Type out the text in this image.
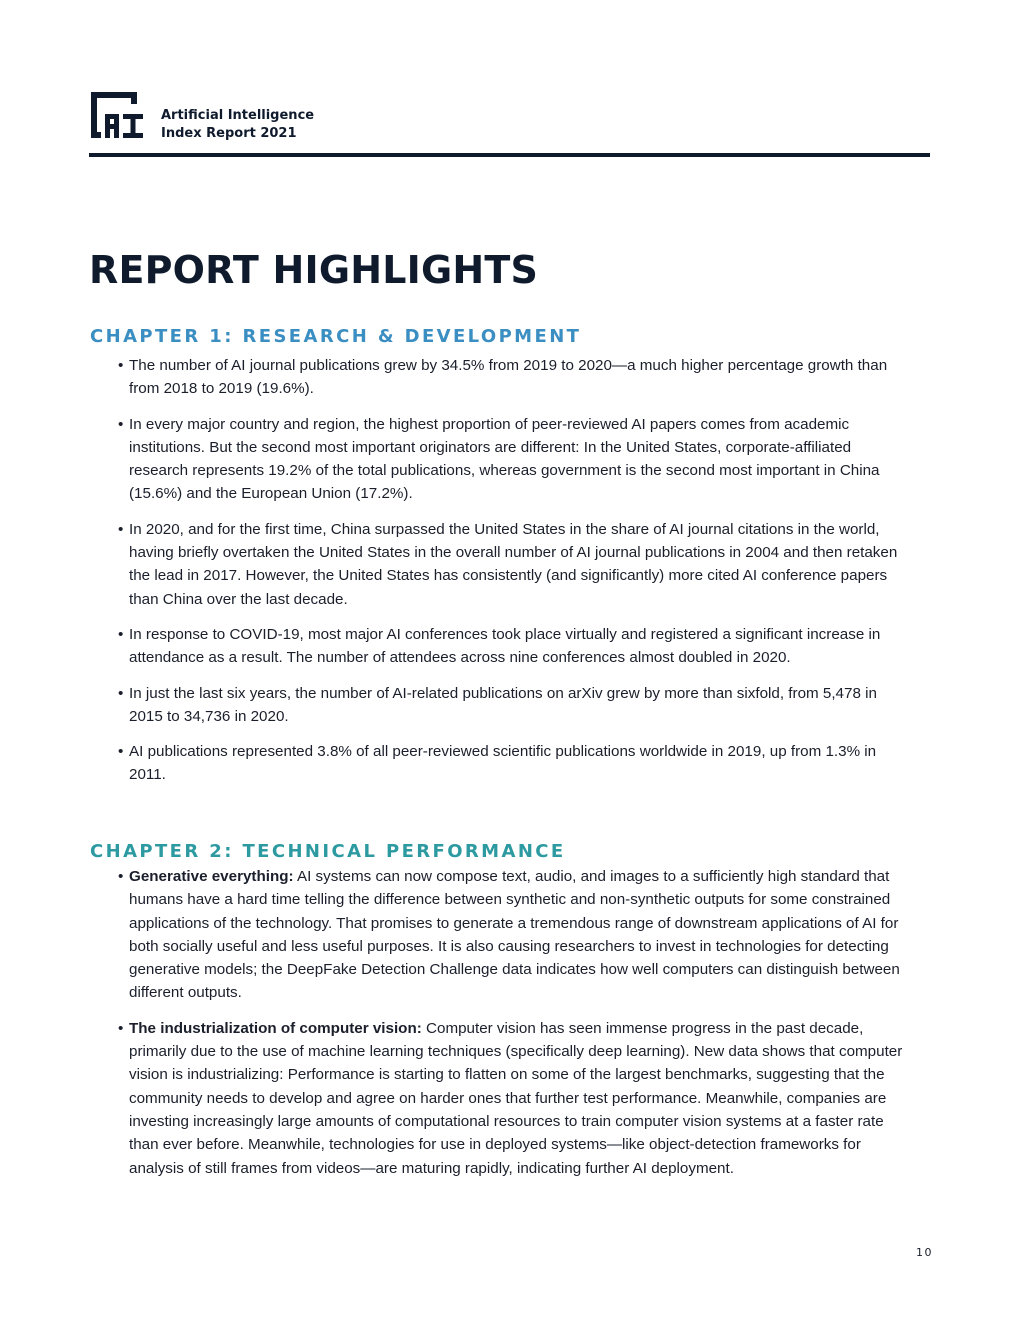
Artificial Intelligence
Index Report 2021
REPORT HIGHLIGHTS
CHAPTER 1: RESEARCH & DEVELOPMENT
• The number of AI journal publications grew by 34.5% from 2019 to 2020—a much higher percentage growth than from 2018 to 2019 (19.6%).
• In every major country and region, the highest proportion of peer-reviewed AI papers comes from academic institutions. But the second most important originators are different: In the United States, corporate-affiliated research represents 19.2% of the total publications, whereas government is the second most important in China (15.6%) and the European Union (17.2%).
• In 2020, and for the first time, China surpassed the United States in the share of AI journal citations in the world, having briefly overtaken the United States in the overall number of AI journal publications in 2004 and then retaken the lead in 2017. However, the United States has consistently (and significantly) more cited AI conference papers than China over the last decade.
• In response to COVID-19, most major AI conferences took place virtually and registered a significant increase in attendance as a result. The number of attendees across nine conferences almost doubled in 2020.
• In just the last six years, the number of AI-related publications on arXiv grew by more than sixfold, from 5,478 in 2015 to 34,736 in 2020.
• AI publications represented 3.8% of all peer-reviewed scientific publications worldwide in 2019, up from 1.3% in 2011.
CHAPTER 2: TECHNICAL PERFORMANCE
• Generative everything: AI systems can now compose text, audio, and images to a sufficiently high standard that humans have a hard time telling the difference between synthetic and non-synthetic outputs for some constrained applications of the technology. That promises to generate a tremendous range of downstream applications of AI for both socially useful and less useful purposes. It is also causing researchers to invest in technologies for detecting generative models; the DeepFake Detection Challenge data indicates how well computers can distinguish between different outputs.
• The industrialization of computer vision: Computer vision has seen immense progress in the past decade, primarily due to the use of machine learning techniques (specifically deep learning). New data shows that computer vision is industrializing: Performance is starting to flatten on some of the largest benchmarks, suggesting that the community needs to develop and agree on harder ones that further test performance. Meanwhile, companies are investing increasingly large amounts of computational resources to train computer vision systems at a faster rate than ever before. Meanwhile, technologies for use in deployed systems—like object-detection frameworks for analysis of still frames from videos—are maturing rapidly, indicating further AI deployment.
10
